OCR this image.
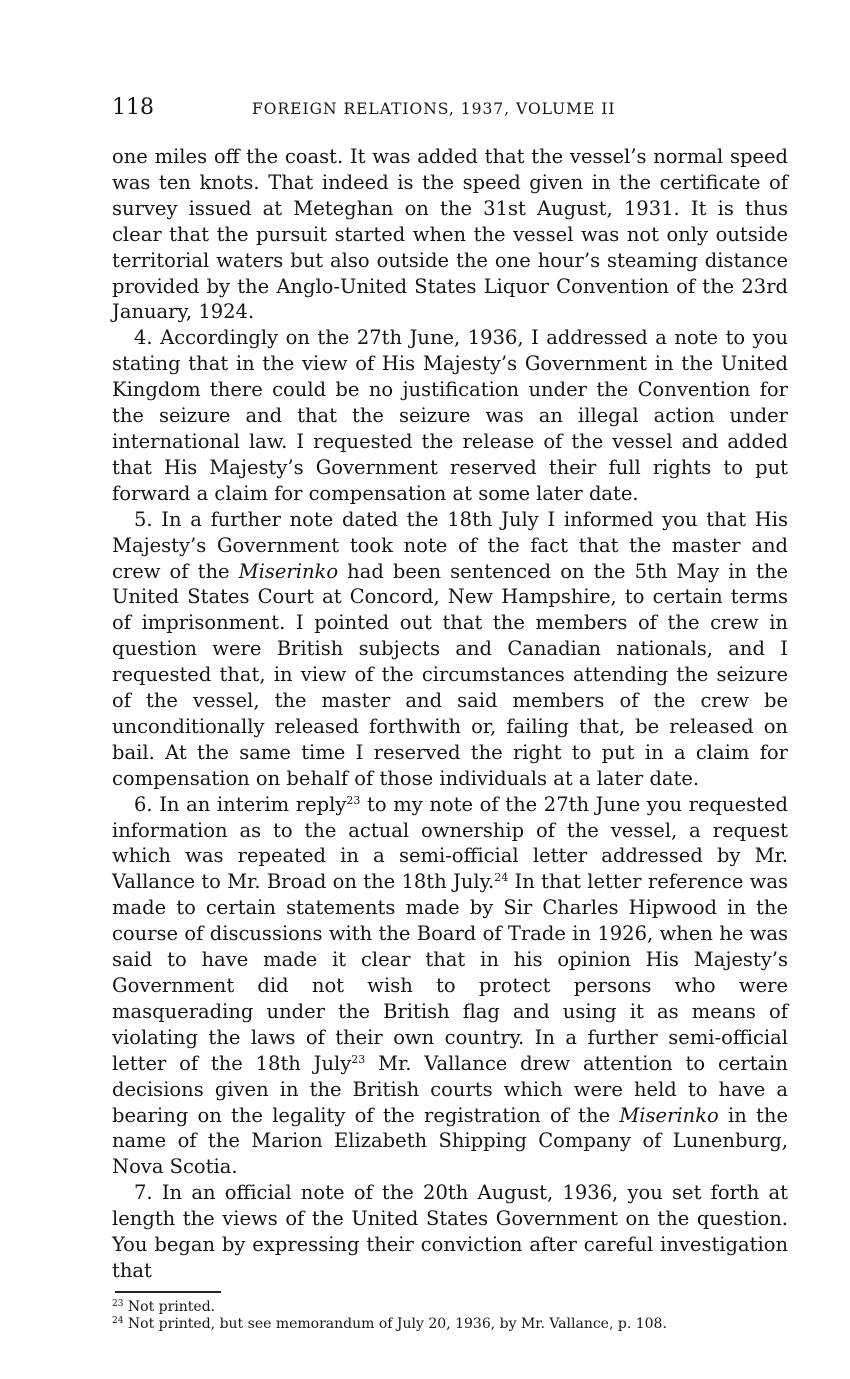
118	FOREIGN RELATIONS, 1937, VOLUME II

one miles off the coast. It was added that the vessel’s normal speed was ten knots. That indeed is the speed given in the certificate of survey issued at Meteghan on the 31st August, 1931. It is thus clear that the pursuit started when the vessel was not only outside territorial waters but also outside the one hour’s steaming distance provided by the Anglo-United States Liquor Convention of the 23rd January, 1924.

4. Accordingly on the 27th June, 1936, I addressed a note to you stating that in the view of His Majesty’s Government in the United Kingdom there could be no justification under the Convention for the seizure and that the seizure was an illegal action under international law. I requested the release of the vessel and added that His Majesty’s Government reserved their full rights to put forward a claim for compensation at some later date.

5. In a further note dated the 18th July I informed you that His Majesty’s Government took note of the fact that the master and crew of the Miserinko had been sentenced on the 5th May in the United States Court at Concord, New Hampshire, to certain terms of imprisonment. I pointed out that the members of the crew in question were British subjects and Canadian nationals, and I requested that, in view of the circumstances attending the seizure of the vessel, the master and said members of the crew be unconditionally released forthwith or, failing that, be released on bail. At the same time I reserved the right to put in a claim for compensation on behalf of those individuals at a later date.

6. In an interim reply$^{23}$ to my note of the 27th June you requested information as to the actual ownership of the vessel, a request which was repeated in a semi-official letter addressed by Mr. Vallance to Mr. Broad on the 18th July.$^{24}$ In that letter reference was made to certain statements made by Sir Charles Hipwood in the course of discussions with the Board of Trade in 1926, when he was said to have made it clear that in his opinion His Majesty’s Government did not wish to protect persons who were masquerading under the British flag and using it as means of violating the laws of their own country. In a further semi-official letter of the 18th July$^{23}$ Mr. Vallance drew attention to certain decisions given in the British courts which were held to have a bearing on the legality of the registration of the Miserinko in the name of the Marion Elizabeth Shipping Company of Lunenburg, Nova Scotia.

7. In an official note of the 20th August, 1936, you set forth at length the views of the United States Government on the question. You began by expressing their conviction after careful investigation that

$^{23}$ Not printed.
$^{24}$ Not printed, but see memorandum of July 20, 1936, by Mr. Vallance, p. 108.
